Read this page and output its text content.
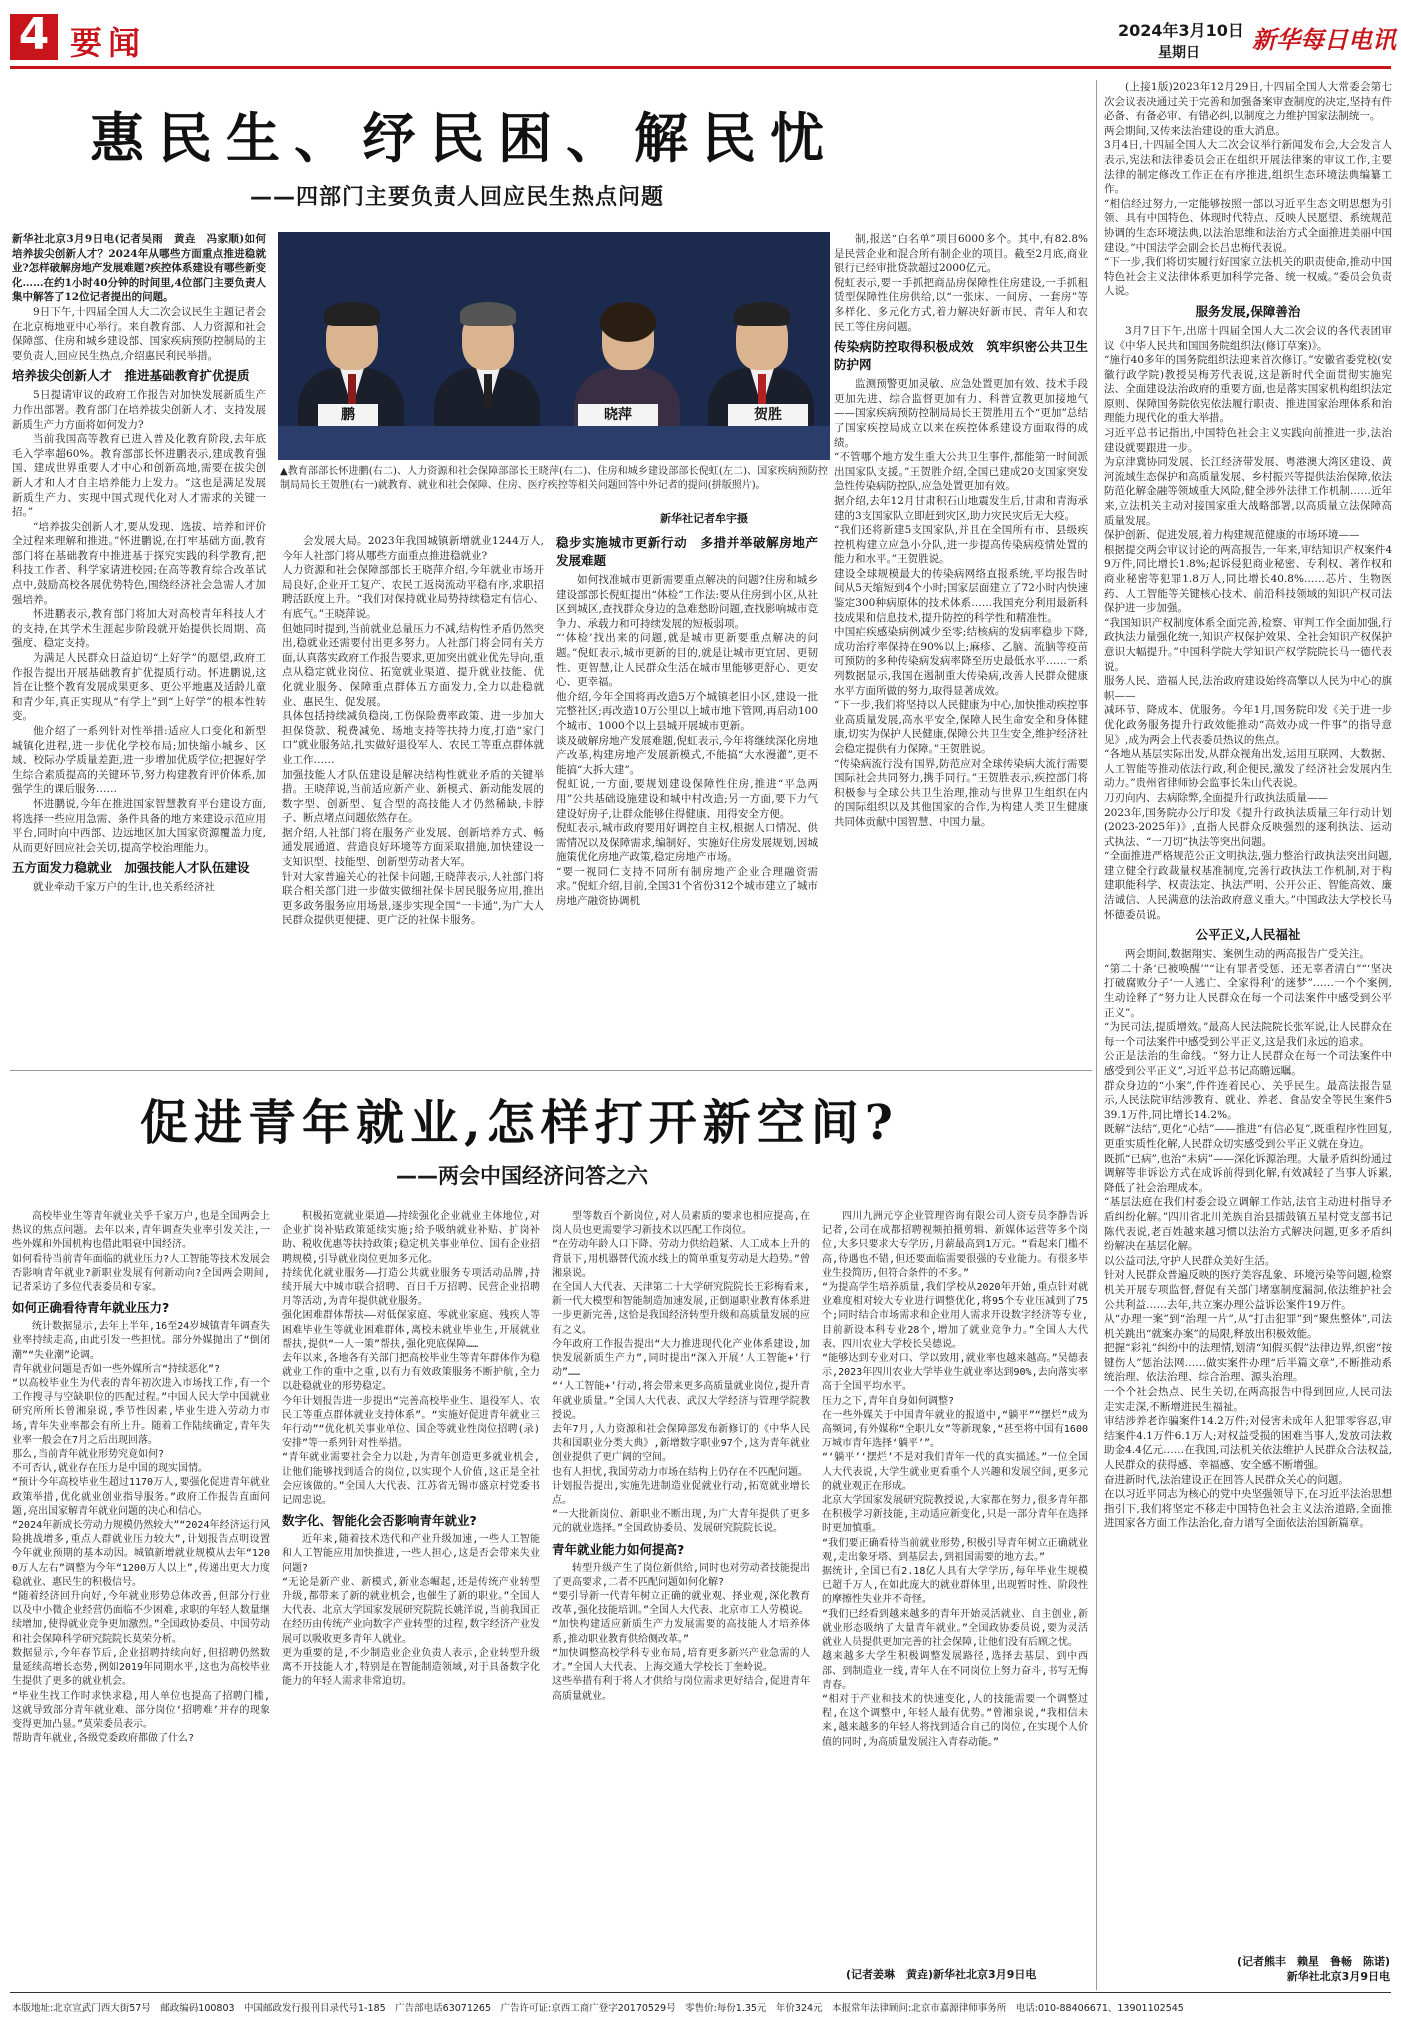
4 要闻	2024年3月10日
星期日 新华每日电讯
惠民生、纾民困、解民忧
——四部门主要负责人回应民生热点问题

新华社北京3月9日电(记者吴雨　黄垚　冯家顺)如何培养拔尖创新人才？2024年从哪些方面重点推进稳就业?怎样破解房地产发展难题?疾控体系建设有哪些新变化……在约1小时40分钟的时间里,4位部门主要负责人集中解答了12位记者提出的问题。

9日下午,十四届全国人大二次会议民生主题记者会在北京梅地亚中心举行。来自教育部、人力资源和社会保障部、住房和城乡建设部、国家疾病预防控制局的主要负责人,回应民生热点,介绍惠民利民举措。

培养拔尖创新人才　推进基础教育扩优提质

5日提请审议的政府工作报告对加快发展新质生产力作出部署。教育部门在培养拔尖创新人才、支持发展新质生产力方面将如何发力?

当前我国高等教育已进入普及化教育阶段,去年底毛入学率超60%。教育部部长怀进鹏表示,建成教育强国、建成世界重要人才中心和创新高地,需要在拔尖创新人才和人才自主培养能力上发力。“这也是满足发展新质生产力、实现中国式现代化对人才需求的关键一招。”

“培养拔尖创新人才,要从发现、选拔、培养和评价全过程来理解和推进。”怀进鹏说,在打牢基础方面,教育部门将在基础教育中推进基于探究实践的科学教育,把科技工作者、科学家请进校园;在高等教育综合改革试点中,鼓励高校各展优势特色,围绕经济社会急需人才加强培养。

怀进鹏表示,教育部门将加大对高校青年科技人才的支持,在其学术生涯起步阶段就开始提供长周期、高强度、稳定支持。

为满足人民群众日益迫切“上好学”的愿望,政府工作报告提出开展基础教育扩优提质行动。怀进鹏说,这旨在让整个教育发展成果更多、更公平地惠及适龄儿童和青少年,真正实现从“有学上”到“上好学”的根本性转变。

他介绍了一系列针对性举措:适应人口变化和新型城镇化进程,进一步优化学校布局;加快缩小城乡、区域、校际办学质量差距,进一步增加优质学位;把握好学生综合素质提高的关键环节,努力构建教育评价体系,加强学生的课后服务……

怀进鹏说,今年在推进国家智慧教育平台建设方面,将选择一些应用急需、条件具备的地方来建设示范应用平台,同时向中西部、边远地区加大国家资源覆盖力度,从而更好回应社会关切,提高学校治理能力。

五方面发力稳就业　加强技能人才队伍建设

就业牵动千家万户的生计,也关系经济社

鹏	晓萍	贺胜
▲教育部部长怀进鹏(右二)、人力资源和社会保障部部长王晓萍(右二)、住房和城乡建设部部长倪虹(左二)、国家疾病预防控制局局长王贺胜(右一)就教育、就业和社会保障、住房、医疗疾控等相关问题回答中外记者的提问(拼版照片)。
新华社记者牟宇摄
会发展大局。2023年我国城镇新增就业1244万人,今年人社部门将从哪些方面重点推进稳就业?
人力资源和社会保障部部长王晓萍介绍,今年就业市场开局良好,企业开工复产、农民工返岗流动平稳有序,求职招聘活跃度上升。“我们对保持就业局势持续稳定有信心、有底气。”王晓萍说。
但她同时提到,当前就业总量压力不减,结构性矛盾仍然突出,稳就业还需要付出更多努力。人社部门将会同有关方面,认真落实政府工作报告要求,更加突出就业优先导向,重点从稳定就业岗位、拓宽就业渠道、提升就业技能、优化就业服务、保障重点群体五方面发力,全力以赴稳就业、惠民生、促发展。
具体包括持续减负稳岗,工伤保险费率政策、进一步加大担保贷款、税费减免、场地支持等扶持力度,打造“家门口”就业服务站,扎实做好退役军人、农民工等重点群体就业工作……
加强技能人才队伍建设是解决结构性就业矛盾的关键举措。王晓萍说,当前适应新产业、新模式、新动能发展的数字型、创新型、复合型的高技能人才仍然稀缺,卡脖子、断点堵点问题依然存在。
据介绍,人社部门将在服务产业发展、创新培养方式、畅通发展通道、营造良好环境等方面采取措施,加快建设一支知识型、技能型、创新型劳动者大军。
针对大家普遍关心的社保卡问题,王晓萍表示,人社部门将联合相关部门进一步做实做细社保卡居民服务应用,推出更多政务服务应用场景,逐步实现全国“一卡通”,为广大人民群众提供更便捷、更广泛的社保卡服务。
稳步实施城市更新行动　多措并举破解房地产发展难题
如何找准城市更新需要重点解决的问题?住房和城乡建设部部长倪虹提出“体检”工作法:要从住房到小区,从社区到城区,查找群众身边的急难愁盼问题,查找影响城市竞争力、承载力和可持续发展的短板弱项。
“‘体检’找出来的问题,就是城市更新要重点解决的问题。”倪虹表示,城市更新的目的,就是让城市更宜居、更韧性、更智慧,让人民群众生活在城市里能够更舒心、更安心、更幸福。
他介绍,今年全国将再改造5万个城镇老旧小区,建设一批完整社区;再改造10万公里以上城市地下管网,再启动100个城市、1000个以上县城开展城市更新。
谈及破解房地产发展难题,倪虹表示,今年将继续深化房地产改革,构建房地产发展新模式,不能搞“大水漫灌”,更不能搞“大拆大建”。
倪虹说,一方面,要规划建设保障性住房,推进“平急两用”公共基础设施建设和城中村改造;另一方面,要下力气建设好房子,让群众能够住得健康、用得安全方便。
倪虹表示,城市政府要用好调控自主权,根据人口情况、供需情况以及保障需求,编制好、实施好住房发展规划,因城施策优化房地产政策,稳定房地产市场。
“要一视同仁支持不同所有制房地产企业合理融资需求。”倪虹介绍,目前,全国31个省份312个城市建立了城市房地产融资协调机
制,报送“白名单”项目6000多个。其中,有82.8%是民营企业和混合所有制企业的项目。截至2月底,商业银行已经审批贷款超过2000亿元。
倪虹表示,要一手抓把商品房保障性住房建设,一手抓租赁型保障性住房供给,以“一张床、一间房、一套房”等多样化、多元化方式,着力解决好新市民、青年人和农民工等住房问题。
传染病防控取得积极成效　筑牢织密公共卫生防护网
监测预警更加灵敏、应急处置更加有效、技术手段更加先进、综合监督更加有力、科普宣教更加接地气——国家疾病预防控制局局长王贺胜用五个“更加”总结了国家疾控局成立以来在疾控体系建设方面取得的成绩。
“不管哪个地方发生重大公共卫生事件,都能第一时间派出国家队支援。”王贺胜介绍,全国已建成20支国家突发急性传染病防控队,应急处置更加有效。
据介绍,去年12月甘肃积石山地震发生后,甘肃和青海承建的3支国家队立即赶到灾区,助力灾民灾后无大疫。
“我们还将新建5支国家队,并且在全国所有市、县级疾控机构建立应急小分队,进一步提高传染病疫情处置的能力和水平。”王贺胜说。
建设全球规模最大的传染病网络直报系统,平均报告时间从5天缩短到4个小时;国家层面建立了72小时内快速鉴定300种病原体的技术体系……我国充分利用最新科技成果和信息技术,提升防控的科学性和精准性。
中国疟疾感染病例减少至零;结核病的发病率稳步下降,成功治疗率保持在90%以上;麻疹、乙脑、流脑等疫苗可预防的多种传染病发病率降至历史最低水平……一系列数据显示,我国在遏制重大传染病,改善人民群众健康水平方面所做的努力,取得显著成效。
“下一步,我们将坚持以人民健康为中心,加快推动疾控事业高质量发展,高水平安全,保障人民生命安全和身体健康,切实为保护人民健康,保障公共卫生安全,维护经济社会稳定提供有力保障。”王贺胜说。
“传染病流行没有国界,防范应对全球传染病大流行需要国际社会共同努力,携手同行。”王贺胜表示,疾控部门将积极参与全球公共卫生治理,推动与世界卫生组织在内的国际组织以及其他国家的合作,为构建人类卫生健康共同体贡献中国智慧、中国力量。
促进青年就业,怎样打开新空间?
——两会中国经济问答之六
高校毕业生等青年就业关乎千家万户,也是全国两会上热议的焦点问题。去年以来,青年调查失业率引发关注,一些外媒和外国机构也借此唱衰中国经济。
如何看待当前青年面临的就业压力?人工智能等技术发展会否影响青年就业?新职业发展有何新动向?全国两会期间,记者采访了多位代表委员和专家。
如何正确看待青年就业压力?
统计数据显示,去年上半年,16至24岁城镇青年调查失业率持续走高,由此引发一些担忧。部分外媒抛出了“倒闭潮”“失业潮”论调。
青年就业问题是否如一些外媒所言“持续恶化”?
“以高校毕业生为代表的青年初次进入市场找工作,有一个工作搜寻与空缺职位的匹配过程。”中国人民大学中国就业研究所所长曾湘泉说,季节性因素,毕业生进入劳动力市场,青年失业率都会有所上升。随着工作陆续确定,青年失业率一般会在7月之后出现回落。
那么,当前青年就业形势究竟如何?
不可否认,就业存在压力是中国的现实国情。
“预计今年高校毕业生超过1170万人,要强化促进青年就业政策举措,优化就业创业指导服务。”政府工作报告直面问题,亮出国家解青年就业问题的决心和信心。
“2024年新成长劳动力规模仍然较大”“2024年经济运行风险挑战增多,重点人群就业压力较大”,计划报告点明设置今年就业预期的基本动因。城镇新增就业规模从去年“1200万人左右”调整为今年“1200万人以上”,传递出更大力度稳就业、惠民生的积极信号。
“随着经济回升向好,今年就业形势总体改善,但部分行业以及中小微企业经营仍面临不少困难,求职的年轻人数量继续增加,使得就业竞争更加激烈。”全国政协委员、中国劳动和社会保障科学研究院院长莫荣分析。
数据显示,今年春节后,企业招聘持续向好,但招聘仍然数量延续高增长态势,例如2019年同期水平,这也为高校毕业生提供了更多的就业机会。
“毕业生找工作时求快求稳,用人单位也提高了招聘门槛,这就导致部分青年就业难、部分岗位‘招聘难’并存的现象变得更加凸显。”莫荣委员表示。
帮助青年就业,各级党委政府都做了什么?
积极拓宽就业渠道——持续强化企业就业主体地位,对企业扩岗补贴政策延续实施;给予吸纳就业补贴、扩岗补助、税收优惠等扶持政策;稳定机关事业单位、国有企业招聘规模,引导就业岗位更加多元化。
持续优化就业服务——打造公共就业服务专项活动品牌,持续开展大中城市联合招聘、百日千万招聘、民营企业招聘月等活动,为青年提供就业服务。
强化困难群体帮扶——对低保家庭、零就业家庭、残疾人等困难毕业生等就业困难群体,离校未就业毕业生,开展就业帮扶,提供“一人一策”帮扶,强化兜底保障……
去年以来,各地各有关部门把高校毕业生等青年群体作为稳就业工作的重中之重,以有力有效政策服务不断护航,全力以赴稳就业的形势稳定。
今年计划报告进一步提出“完善高校毕业生、退役军人、农民工等重点群体就业支持体系”。“实施好促进青年就业三年行动”“优化机关事业单位、国企等就业性岗位招聘(录)安排”等一系列针对性举措。
“青年就业需要社会全力以赴,为青年创造更多就业机会,让他们能够找到适合的岗位,以实现个人价值,这正是全社会应该做的。”全国人大代表、江苏省无锡市盛京村党委书记周忠说。
数字化、智能化会否影响青年就业?
近年来,随着技术迭代和产业升级加速,一些人工智能和人工智能应用加快推进,一些人担心,这是否会带来失业问题?
“无论是新产业、新模式,新业态崛起,还是传统产业转型升级,都带来了新的就业机会,也催生了新的职业。”全国人大代表、北京大学国家发展研究院院长姚洋说,当前我国正在经历由传统产业向数字产业转型的过程,数字经济产业发展可以吸收更多青年人就业。
更为重要的是,不少制造业企业负责人表示,企业转型升级离不开技能人才,特别是在智能制造领域,对于具备数字化能力的年轻人需求非常迫切。
型等数百个新岗位,对人员素质的要求也相应提高,在岗人员也更需要学习新技术以匹配工作岗位。
“在劳动年龄人口下降、劳动力供给趋紧、人工成本上升的背景下,用机器替代流水线上的简单重复劳动是大趋势。”曾湘泉说。
在全国人大代表、天津第二十大学研究院院长王彩梅看来,新一代大模型和智能制造加速发展,正倒逼职业教育体系进一步更新完善,这恰是我国经济转型升级和高质量发展的应有之义。
今年政府工作报告提出“大力推进现代化产业体系建设,加快发展新质生产力”,同时提出“深入开展‘人工智能+’行动”……
“‘人工智能+’行动,将会带来更多高质量就业岗位,提升青年就业质量。”全国人大代表、武汉大学经济与管理学院教授说。
去年7月,人力资源和社会保障部发布新修订的《中华人民共和国职业分类大典》,新增数字职业97个,这为青年就业创业提供了更广阔的空间。
也有人担忧,我国劳动力市场在结构上仍存在不匹配问题。
计划报告提出,实施先进制造业促就业行动,拓宽就业增长点。
“一大批新岗位、新职业不断出现,为广大青年提供了更多元的就业选择。”全国政协委员、发展研究院院长说。
青年就业能力如何提高?
转型升级产生了岗位新供给,同时也对劳动者技能提出了更高要求,二者不匹配问题如何化解?
“要引导新一代青年树立正确的就业观、择业观,深化教育改革,强化技能培训。”全国人大代表、北京市工人劳模说。
“加快构建适应新质生产力发展需要的高技能人才培养体系,推动职业教育供给侧改革。”
“加快调整高校学科专业布局,培育更多新兴产业急需的人才。”全国人大代表、上海交通大学校长丁奎岭说。
这些举措有利于将人才供给与岗位需求更好结合,促进青年高质量就业。
四川九洲元亨企业管理咨询有限公司人资专员李静告诉记者,公司在成都招聘视频拍摄剪辑、新媒体运营等多个岗位,大多只要求大专学历,月薪最高到1万元。“看起来门槛不高,待遇也不错,但还要面临需要很强的专业能力。有很多毕业生投简历,但符合条件的不多。”
“为提高学生培养质量,我们学校从2020年开始,重点针对就业难度相对较大专业进行调整优化,将95个专业压减到了75个;同时结合市场需求和企业用人需求开设数字经济等专业,目前新设本科专业28个,增加了就业竞争力。”全国人大代表、四川农业大学校长吴德说。
“能够达到专业对口、学以致用,就业率也越来越高。”吴德表示,2023年四川农业大学毕业生就业率达到90%,去向落实率高于全国平均水平。
压力之下,青年自身如何调整?
在一些外媒关于中国青年就业的报道中,“躺平”“摆烂”成为高频词,有外媒称“全职儿女”等新现象,“甚至将中国有1600万城市青年选择‘躺平’”。
“‘躺平’‘摆烂’不是对我们青年一代的真实描述。”一位全国人大代表说,大学生就业更看重个人兴趣和发展空间,更多元的就业观正在形成。
北京大学国家发展研究院教授说,大家都在努力,很多青年都在积极学习新技能,主动适应新变化,只是一部分青年在选择时更加慎重。
“我们要正确看待当前就业形势,积极引导青年树立正确就业观,走出象牙塔、到基层去,到祖国需要的地方去。”
据统计,全国已有2.18亿人具有大学学历,每年毕业生规模已超千万人,在如此庞大的就业群体里,出现暂时性、阶段性的摩擦性失业并不奇怪。
“我们已经看到越来越多的青年开始灵活就业、自主创业,新就业形态吸纳了大量青年就业。”全国政协委员说,要为灵活就业人员提供更加完善的社会保障,让他们没有后顾之忧。
越来越多大学生积极调整发展路径,选择去基层、到中西部、到制造业一线,青年人在不同岗位上努力奋斗,书写无悔青春。
“相对于产业和技术的快速变化,人的技能需要一个调整过程,在这个调整中,年轻人最有优势。”曾湘泉说,“我相信未来,越来越多的年轻人将找到适合自己的岗位,在实现个人价值的同时,为高质量发展注入青春动能。”
(记者姜琳　黄垚)新华社北京3月9日电
(上接1版)2023年12月29日,十四届全国人大常委会第七次会议表决通过关于完善和加强备案审查制度的决定,坚持有件必备、有备必审、有错必纠,以制度之力维护国家法制统一。
两会期间,又传来法治建设的重大消息。
3月4日,十四届全国人大二次会议举行新闻发布会,大会发言人表示,宪法和法律委员会正在组织开展法律案的审议工作,主要法律的制定修改工作正在有序推进,组织生态环境法典编纂工作。
“相信经过努力,一定能够按照一部以习近平生态文明思想为引领、具有中国特色、体现时代特点、反映人民愿望、系统规范协调的生态环境法典,以法治思维和法治方式全面推进美丽中国建设。”中国法学会副会长吕忠梅代表说。
“下一步,我们将切实履行好国家立法机关的职责使命,推动中国特色社会主义法律体系更加科学完备、统一权威。”委员会负责人说。
服务发展,保障善治
3月7日下午,出席十四届全国人大二次会议的各代表团审议《中华人民共和国国务院组织法(修订草案)》。
“施行40多年的国务院组织法迎来首次修订。”安徽省委党校(安徽行政学院)教授吴梅芳代表说,这是新时代全面贯彻实施宪法、全面建设法治政府的重要方面,也是落实国家机构组织法定原则、保障国务院依宪依法履行职责、推进国家治理体系和治理能力现代化的重大举措。
习近平总书记指出,中国特色社会主义实践向前推进一步,法治建设就要跟进一步。
为京津冀协同发展、长江经济带发展、粤港澳大湾区建设、黄河流域生态保护和高质量发展、乡村振兴等提供法治保障,依法防范化解金融等领域重大风险,健全涉外法律工作机制……近年来,立法机关主动对接国家重大战略部署,以高质量立法保障高质量发展。
保护创新、促进发展,着力构建规范健康的市场环境——
根据提交两会审议讨论的两高报告,一年来,审结知识产权案件49万件,同比增长1.8%;起诉侵犯商业秘密、专利权、著作权和商业秘密等犯罪1.8万人,同比增长40.8%……芯片、生物医药、人工智能等关键核心技术、前沿科技领域的知识产权司法保护进一步加强。
“我国知识产权制度体系全面完善,检察、审判工作全面加强,行政执法力量强化统一,知识产权保护效果、全社会知识产权保护意识大幅提升。”中国科学院大学知识产权学院院长马一德代表说。
服务人民、造福人民,法治政府建设始终高擎以人民为中心的旗帜——
减环节、降成本、优服务。今年1月,国务院印发《关于进一步优化政务服务提升行政效能推动“高效办成一件事”的指导意见》,成为两会上代表委员热议的焦点。
“各地从基层实际出发,从群众视角出发,运用互联网、大数据、人工智能等推动依法行政,利企便民,激发了经济社会发展内生动力。”贵州省律师协会监事长朱山代表说。
刀刃向内、去病除弊,全面提升行政执法质量——
2023年,国务院办公厅印发《提升行政执法质量三年行动计划(2023-2025年)》,直指人民群众反映强烈的逐利执法、运动式执法、“一刀切”执法等突出问题。
“全面推进严格规范公正文明执法,强力整治行政执法突出问题,建立健全行政裁量权基准制度,完善行政执法工作机制,对于构建职能科学、权责法定、执法严明、公开公正、智能高效、廉洁诚信、人民满意的法治政府意义重大。”中国政法大学校长马怀德委员说。
公平正义,人民福祉
两会期间,数据翔实、案例生动的两高报告广受关注。
“第二十条‘已被唤醒’”“让有罪者受惩、还无辜者清白”“‘坚决打破腐败分子‘一人逃亡、全家得利’的迷梦”……一个个案例,生动诠释了“努力让人民群众在每一个司法案件中感受到公平正义”。
“为民司法,提质增效。”最高人民法院院长张军说,让人民群众在每一个司法案件中感受到公平正义,这是我们永远的追求。
公正是法治的生命线。“努力让人民群众在每一个司法案件中感受到公平正义”,习近平总书记高瞻远瞩。
群众身边的“小案”,件件连着民心、关乎民生。最高法报告显示,人民法院审结涉教育、就业、养老、食品安全等民生案件539.1万件,同比增长14.2%。
既解“法结”,更化“心结”——推进“有信必复”,既重程序性回复,更重实质性化解,人民群众切实感受到公平正义就在身边。
既抓“已病”,也治“未病”——深化诉源治理。大量矛盾纠纷通过调解等非诉讼方式在成诉前得到化解,有效减轻了当事人诉累,降低了社会治理成本。
“基层法庭在我们村委会设立调解工作站,法官主动进村指导矛盾纠纷化解。”四川省北川羌族自治县擂鼓镇五星村党支部书记陈代表说,老百姓越来越习惯以法治方式解决问题,更多矛盾纠纷解决在基层化解。
以公益司法,守护人民群众美好生活。
针对人民群众普遍反映的医疗美容乱象、环境污染等问题,检察机关开展专项监督,督促有关部门堵塞制度漏洞,依法维护社会公共利益……去年,共立案办理公益诉讼案件19万件。
从“办理一案”到“治理一片”,从“打击犯罪”到“聚焦整体”,司法机关跳出“就案办案”的局限,释放出积极效能。
把握“彩礼”纠纷中的法理情,划清“知假买假”法律边界,织密“按键伤人”惩治法网……做实案件办理“后半篇文章”,不断推动系统治理、依法治理、综合治理、源头治理。
一个个社会热点、民生关切,在两高报告中得到回应,人民司法走实走深,不断增进民生福祉。
审结涉养老诈骗案件14.2万件;对侵害未成年人犯罪零容忍,审结案件4.1万件6.1万人;对权益受损的困难当事人,发放司法救助金4.4亿元……在我国,司法机关依法维护人民群众合法权益,人民群众的获得感、幸福感、安全感不断增强。
奋进新时代,法治建设正在回答人民群众关心的问题。
在以习近平同志为核心的党中央坚强领导下,在习近平法治思想指引下,我们将坚定不移走中国特色社会主义法治道路,全面推进国家各方面工作法治化,奋力谱写全面依法治国新篇章。
(记者熊丰　赖星　鲁畅　陈诺)
新华社北京3月9日电
本版地址:北京宣武门西大街57号　邮政编码100803　中国邮政发行报刊目录代号1-185　广告部电话63071265　广告许可证:京西工商广登字20170529号　零售价:每份1.35元　年价324元　本报常年法律顾问:北京市嘉源律师事务所　电话:010-88406671、13901102545
